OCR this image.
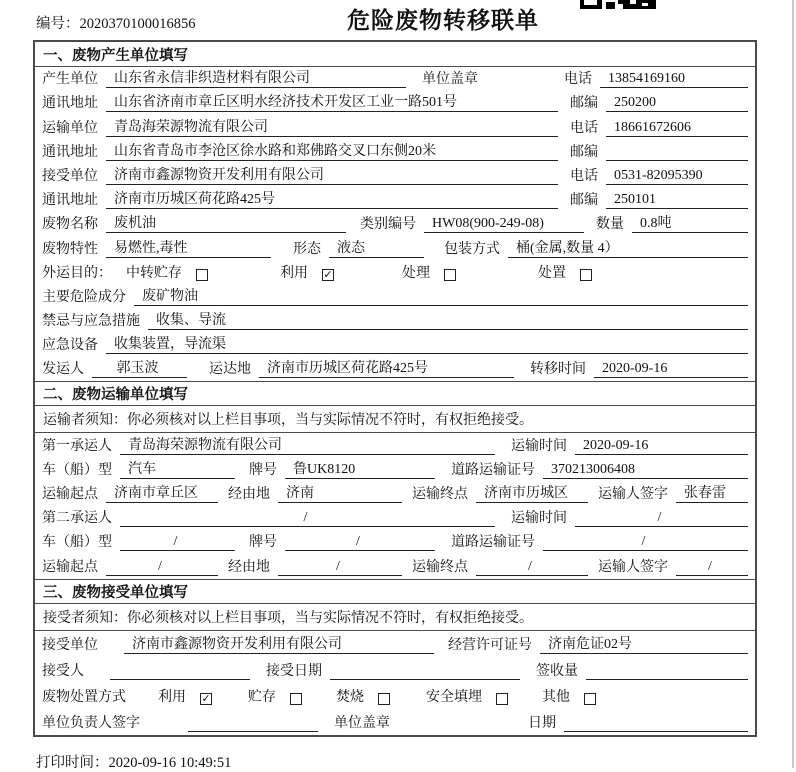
编号：2020370100016856	危险废物转移联单
一、废物产生单位填写
产生单位	山东省永信非织造材料有限公司	单位盖章	电话	13854169160
通讯地址	山东省济南市章丘区明水经济技术开发区工业一路501号	邮编	250200
运输单位	青岛海荣源物流有限公司	电话	18661672606
通讯地址	山东省青岛市李沧区徐水路和郑佛路交叉口东侧20米	邮编
接受单位	济南市鑫源物资开发利用有限公司	电话	0531-82095390
通讯地址	济南市历城区荷花路425号	邮编	250101
废物名称	废机油	类别编号	HW08(900-249-08)	数量	0.8吨
废物特性	易燃性,毒性	形态	液态	包装方式	桶(金属,数量 4）
外运目的： 中转贮存	利用 ✓	处理	处置
主要危险成分	废矿物油
禁忌与应急措施	收集、导流
应急设备	收集装置，导流渠
发运人	郭玉波	运达地	济南市历城区荷花路425号	转移时间	2020-09-16
二、废物运输单位填写
运输者须知：你必须核对以上栏目事项，当与实际情况不符时，有权拒绝接受。
第一承运人	青岛海荣源物流有限公司	运输时间	2020-09-16
车（船）型	汽车	牌号	鲁UK8120	道路运输证号	370213006408
运输起点	济南市章丘区	经由地	济南	运输终点	济南市历城区	运输人签字	张春雷
第二承运人	/	运输时间	/
车（船）型	/	牌号	/	道路运输证号	/
运输起点	/	经由地	/	运输终点	/	运输人签字	/
三、废物接受单位填写
接受者须知：你必须核对以上栏目事项，当与实际情况不符时，有权拒绝接受。
接受单位	济南市鑫源物资开发利用有限公司	经营许可证号	济南危证02号
接受人	接受日期	签收量
废物处置方式 利用 ✓	贮存	焚烧	安全填埋	其他
单位负责人签字	单位盖章	日期
打印时间：2020-09-16 10:49:51
